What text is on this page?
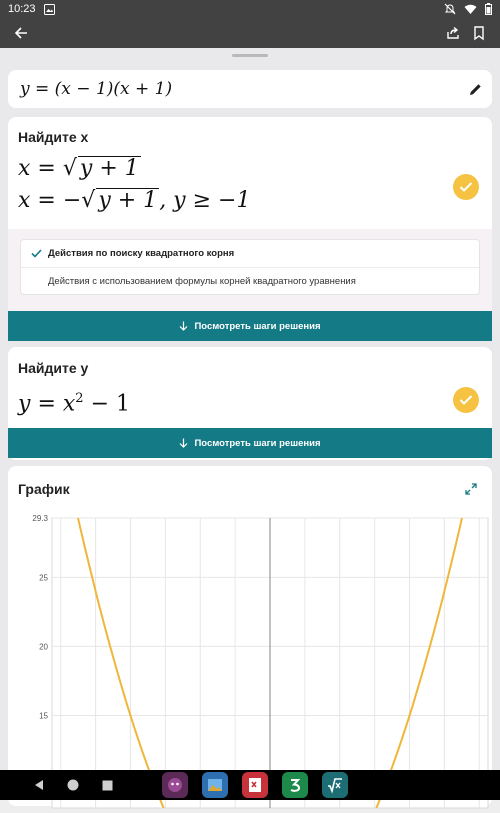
10:23
y = (x − 1)(x + 1)
Найдите x
x = √ y + 1
x = −√ y + 1, y ≥ −1
Действия по поиску квадратного корня
Действия с использованием формулы корней квадратного уравнения
Посмотреть шаги решения
Найдите y
$y = x^2 - 1$
Посмотреть шаги решения
График
29.3
25
20
15
